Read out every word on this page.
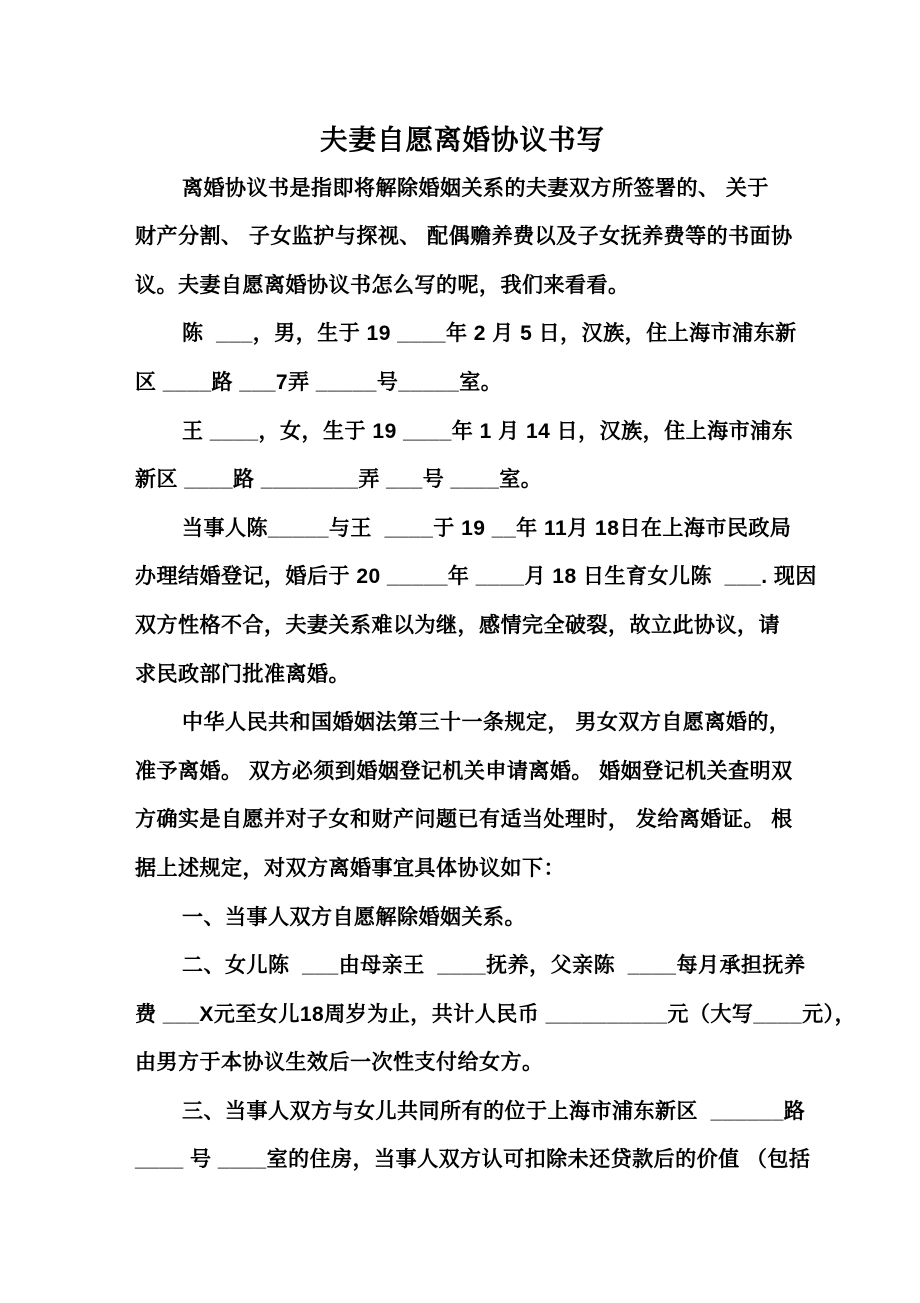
夫妻自愿离婚协议书写
离婚协议书是指即将解除婚姻关系的夫妻双方所签署的、 关于
财产分割、 子女监护与探视、 配偶赡养费以及子女抚养费等的书面协
议。夫妻自愿离婚协议书怎么写的呢，我们来看看。
陈  ___，男，生于 19 ____年 2 月 5 日，汉族，住上海市浦东新
区 ____路 ___7弄 _____号_____室。
王 ____，女，生于 19 ____年 1 月 14 日，汉族，住上海市浦东
新区 ____路 ________弄 ___号 ____室。
当事人陈_____与王  ____于 19 __年 11月 18日在上海市民政局
办理结婚登记，婚后于 20 _____年 ____月 18 日生育女儿陈  ___. 现因
双方性格不合，夫妻关系难以为继，感情完全破裂，故立此协议，请
求民政部门批准离婚。
中华人民共和国婚姻法第三十一条规定， 男女双方自愿离婚的，
准予离婚。 双方必须到婚姻登记机关申请离婚。 婚姻登记机关查明双
方确实是自愿并对子女和财产问题已有适当处理时， 发给离婚证。 根
据上述规定，对双方离婚事宜具体协议如下：
一、当事人双方自愿解除婚姻关系。
二、女儿陈  ___由母亲王  ____抚养，父亲陈  ____每月承担抚养
费 ___X元至女儿18周岁为止，共计人民币 __________元（大写____元），
由男方于本协议生效后一次性支付给女方。
三、当事人双方与女儿共同所有的位于上海市浦东新区  ______路
____ 号 ____室的住房，当事人双方认可扣除未还贷款后的价值 （包括
